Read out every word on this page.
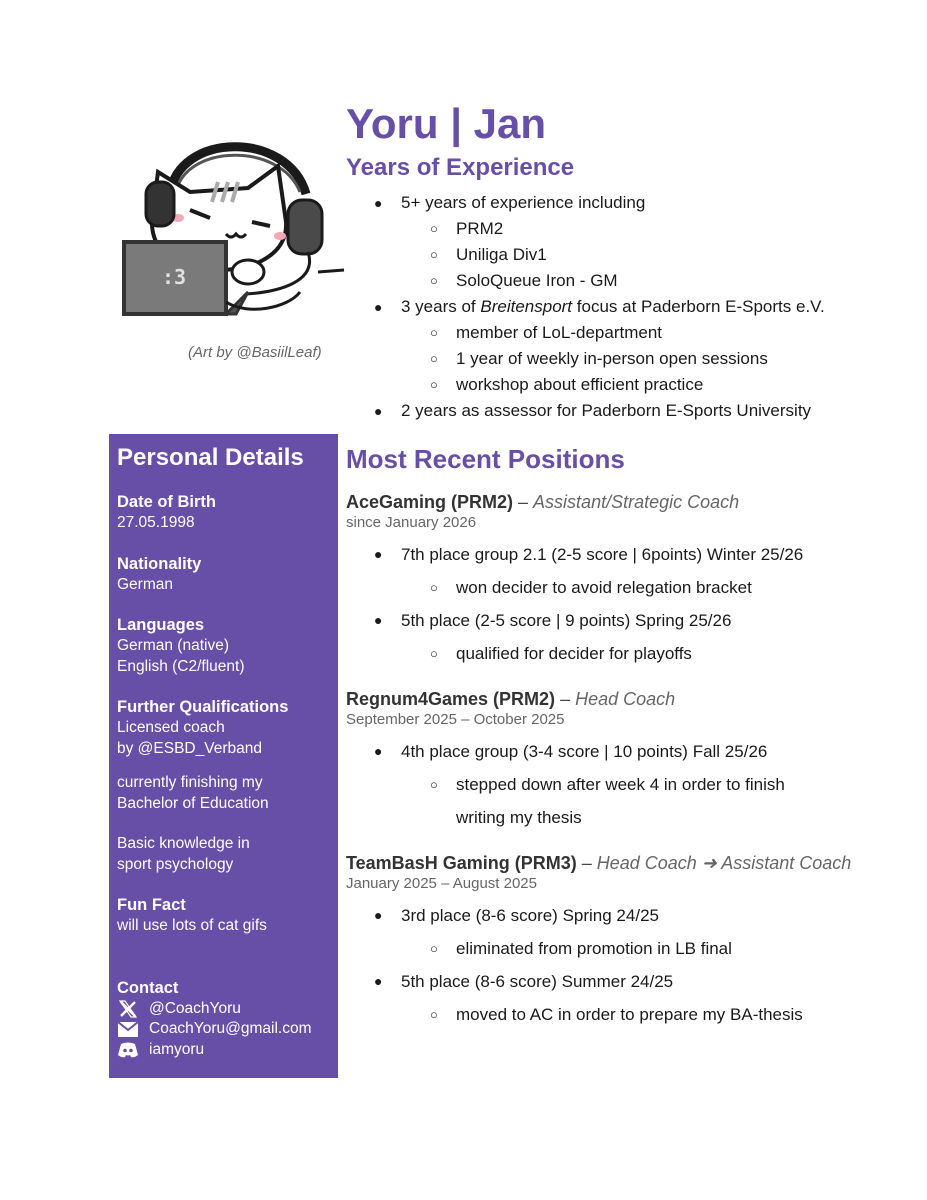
:3
(Art by @BasiilLeaf)
Yoru | Jan
Years of Experience
● 5+ years of experience including
○ PRM2
○ Uniliga Div1
○ SoloQueue Iron - GM
● 3 years of Breitensport focus at Paderborn E-Sports e.V.
○ member of LoL-department
○ 1 year of weekly in-person open sessions
○ workshop about efficient practice
● 2 years as assessor for Paderborn E-Sports University
Personal Details
Date of Birth
27.05.1998
Nationality
German
Languages
German (native)
English (C2/fluent)
Further Qualifications
Licensed coach
by @ESBD_Verband
currently finishing my
Bachelor of Education
Basic knowledge in
sport psychology
Fun Fact
will use lots of cat gifs
Contact
@CoachYoru
CoachYoru@gmail.com
iamyoru
Most Recent Positions
AceGaming (PRM2) – Assistant/Strategic Coach
since January 2026
● 7th place group 2.1 (2-5 score | 6points) Winter 25/26
○ won decider to avoid relegation bracket
● 5th place (2-5 score | 9 points) Spring 25/26
○ qualified for decider for playoffs
Regnum4Games (PRM2) – Head Coach
September 2025 – October 2025
● 4th place group (3-4 score | 10 points) Fall 25/26
○ stepped down after week 4 in order to finish
writing my thesis
TeamBasH Gaming (PRM3) – Head Coach ➜ Assistant Coach
January 2025 – August 2025
● 3rd place (8-6 score) Spring 24/25
○ eliminated from promotion in LB final
● 5th place (8-6 score) Summer 24/25
○ moved to AC in order to prepare my BA-thesis
